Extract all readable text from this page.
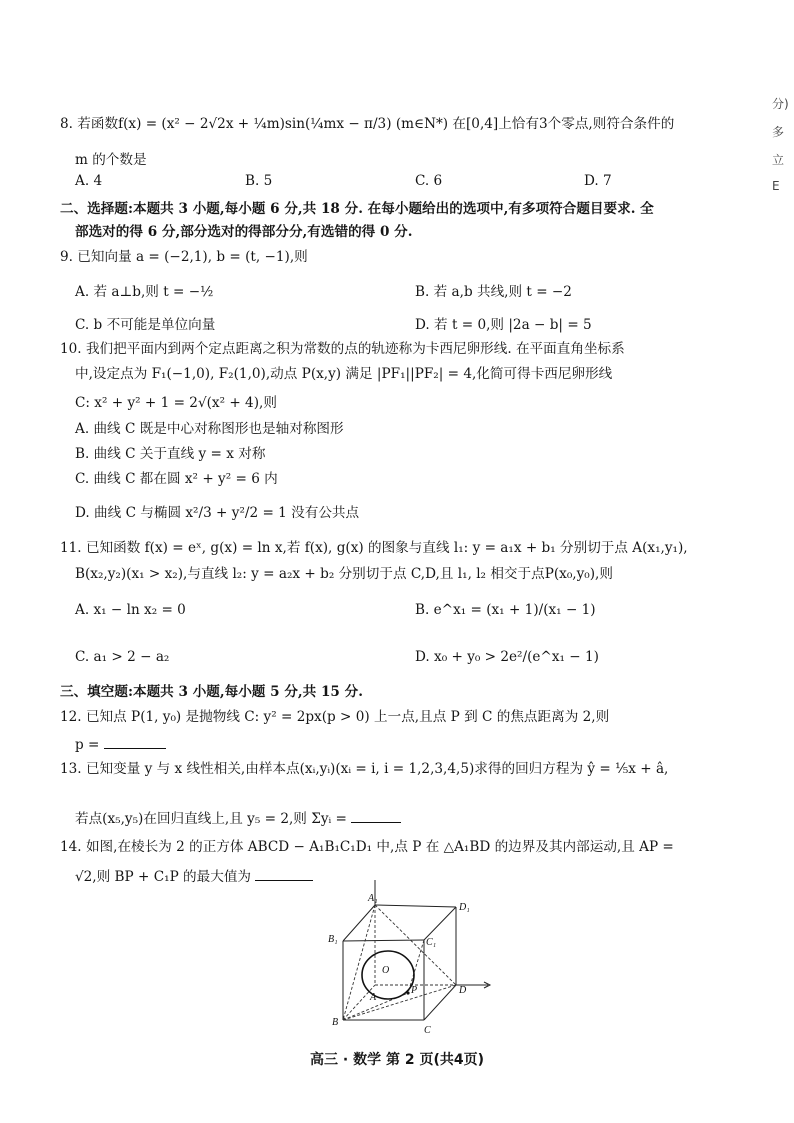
分)
多
立
E
8. 若函数f(x) = (x² − 2√2x + ¼m)sin(¼mx − π/3) (m∈N*) 在[0,4]上恰有3个零点,则符合条件的
m 的个数是
A. 4	B. 5	C. 6	D. 7
二、选择题:本题共 3 小题,每小题 6 分,共 18 分. 在每小题给出的选项中,有多项符合题目要求. 全
部选对的得 6 分,部分选对的得部分分,有选错的得 0 分.
9. 已知向量 a = (−2,1), b = (t, −1),则
A. 若 a⊥b,则 t = −½	B. 若 a,b 共线,则 t = −2
C. b 不可能是单位向量	D. 若 t = 0,则 |2a − b| = 5
10. 我们把平面内到两个定点距离之积为常数的点的轨迹称为卡西尼卵形线. 在平面直角坐标系
中,设定点为 F₁(−1,0), F₂(1,0),动点 P(x,y) 满足 |PF₁||PF₂| = 4,化简可得卡西尼卵形线
C: x² + y² + 1 = 2√(x² + 4),则
A. 曲线 C 既是中心对称图形也是轴对称图形
B. 曲线 C 关于直线 y = x 对称
C. 曲线 C 都在圆 x² + y² = 6 内
D. 曲线 C 与椭圆 x²/3 + y²/2 = 1 没有公共点
11. 已知函数 f(x) = eˣ, g(x) = ln x,若 f(x), g(x) 的图象与直线 l₁: y = a₁x + b₁ 分别切于点 A(x₁,y₁),
B(x₂,y₂)(x₁ > x₂),与直线 l₂: y = a₂x + b₂ 分别切于点 C,D,且 l₁, l₂ 相交于点P(x₀,y₀),则
A. x₁ − ln x₂ = 0	B. e^x₁ = (x₁ + 1)/(x₁ − 1)
C. a₁ > 2 − a₂	D. x₀ + y₀ > 2e²/(e^x₁ − 1)
三、填空题:本题共 3 小题,每小题 5 分,共 15 分.
12. 已知点 P(1, y₀) 是抛物线 C: y² = 2px(p > 0) 上一点,且点 P 到 C 的焦点距离为 2,则
p =
13. 已知变量 y 与 x 线性相关,由样本点(xᵢ,yᵢ)(xᵢ = i, i = 1,2,3,4,5)求得的回归方程为 ŷ = ⅕x + â,
若点(x₅,y₅)在回归直线上,且 y₅ = 2,则 Σyᵢ =
14. 如图,在棱长为 2 的正方体 ABCD − A₁B₁C₁D₁ 中,点 P 在 △A₁BD 的边界及其内部运动,且 AP =
√2,则 BP + C₁P 的最大值为
A₁
D₁
B₁	C₁
A
D
B
C
P
O
高三 · 数学 第 2 页(共4页)
